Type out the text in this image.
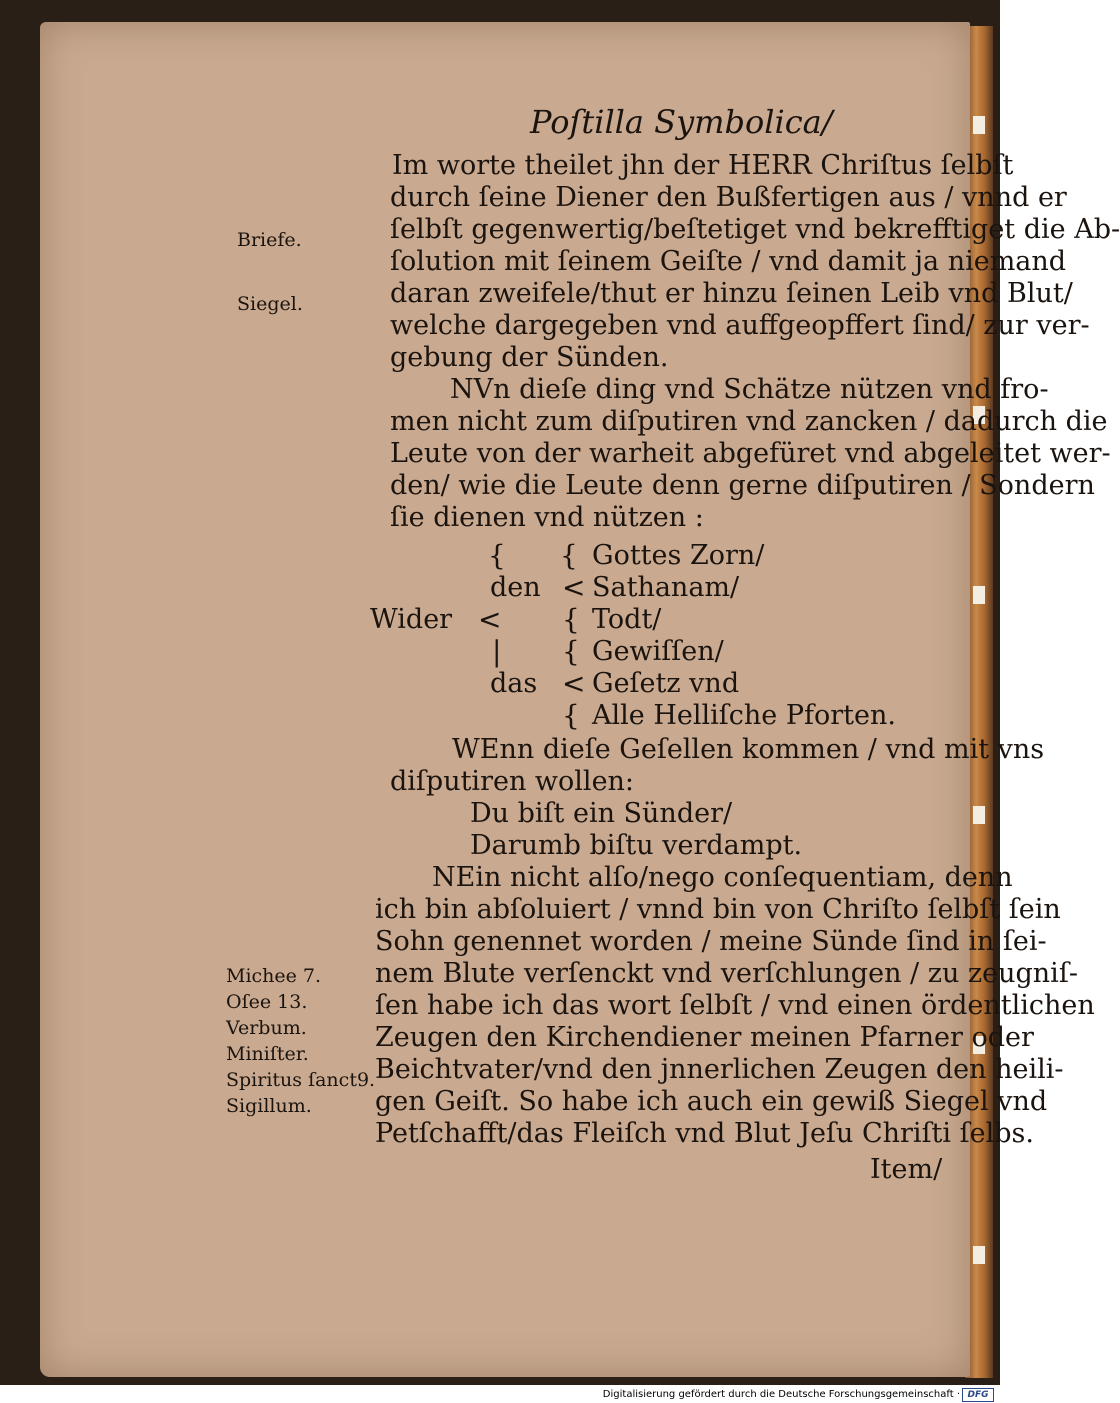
Poſtilla Symbolica/
Briefe.
Siegel.
Michee 7.
Oſee 13.
Verbum.
Miniſter.
Spiritus ſanct9.
Sigillum.
Im worte theilet jhn der HERR Chriſtus ſelbſt
durch ſeine Diener den Bußfertigen aus / vnnd er
ſelbſt gegenwertig/beſtetiget vnd bekrefftiget die Ab-
ſolution mit ſeinem Geiſte / vnd damit ja niemand
daran zweifele/thut er hinzu ſeinen Leib vnd Blut/
welche dargegeben vnd auffgeopffert ſind/ zur ver-
gebung der Sünden.
NVn dieſe ding vnd Schätze nützen vnd fro-
men nicht zum diſputiren vnd zancken / dadurch die
Leute von der warheit abgefüret vnd abgeleitet wer-
den/ wie die Leute denn gerne diſputiren / Sondern
ſie dienen vnd nützen :
{ {
den <
Wider < {
| {
das <
{
Gottes Zorn/
Sathanam/
Todt/
Gewiſſen/
Geſetz vnd
Alle Helliſche Pforten.
WEnn dieſe Geſellen kommen / vnd mit vns
diſputiren wollen:
Du biſt ein Sünder/
Darumb biſtu verdampt.
NEin nicht alſo/nego conſequentiam, denn
ich bin abſoluiert / vnnd bin von Chriſto ſelbſt ſein
Sohn genennet worden / meine Sünde ſind in ſei-
nem Blute verſenckt vnd verſchlungen / zu zeugniſ-
ſen habe ich das wort ſelbſt / vnd einen ördentlichen
Zeugen den Kirchendiener meinen Pfarner oder
Beichtvater/vnd den jnnerlichen Zeugen den heili-
gen Geiſt. So habe ich auch ein gewiß Siegel vnd
Petſchafft/das Fleiſch vnd Blut Jeſu Chriſti ſelbs.
Item/
Digitalisierung gefördert durch die Deutsche Forschungsgemeinschaft · DFG
